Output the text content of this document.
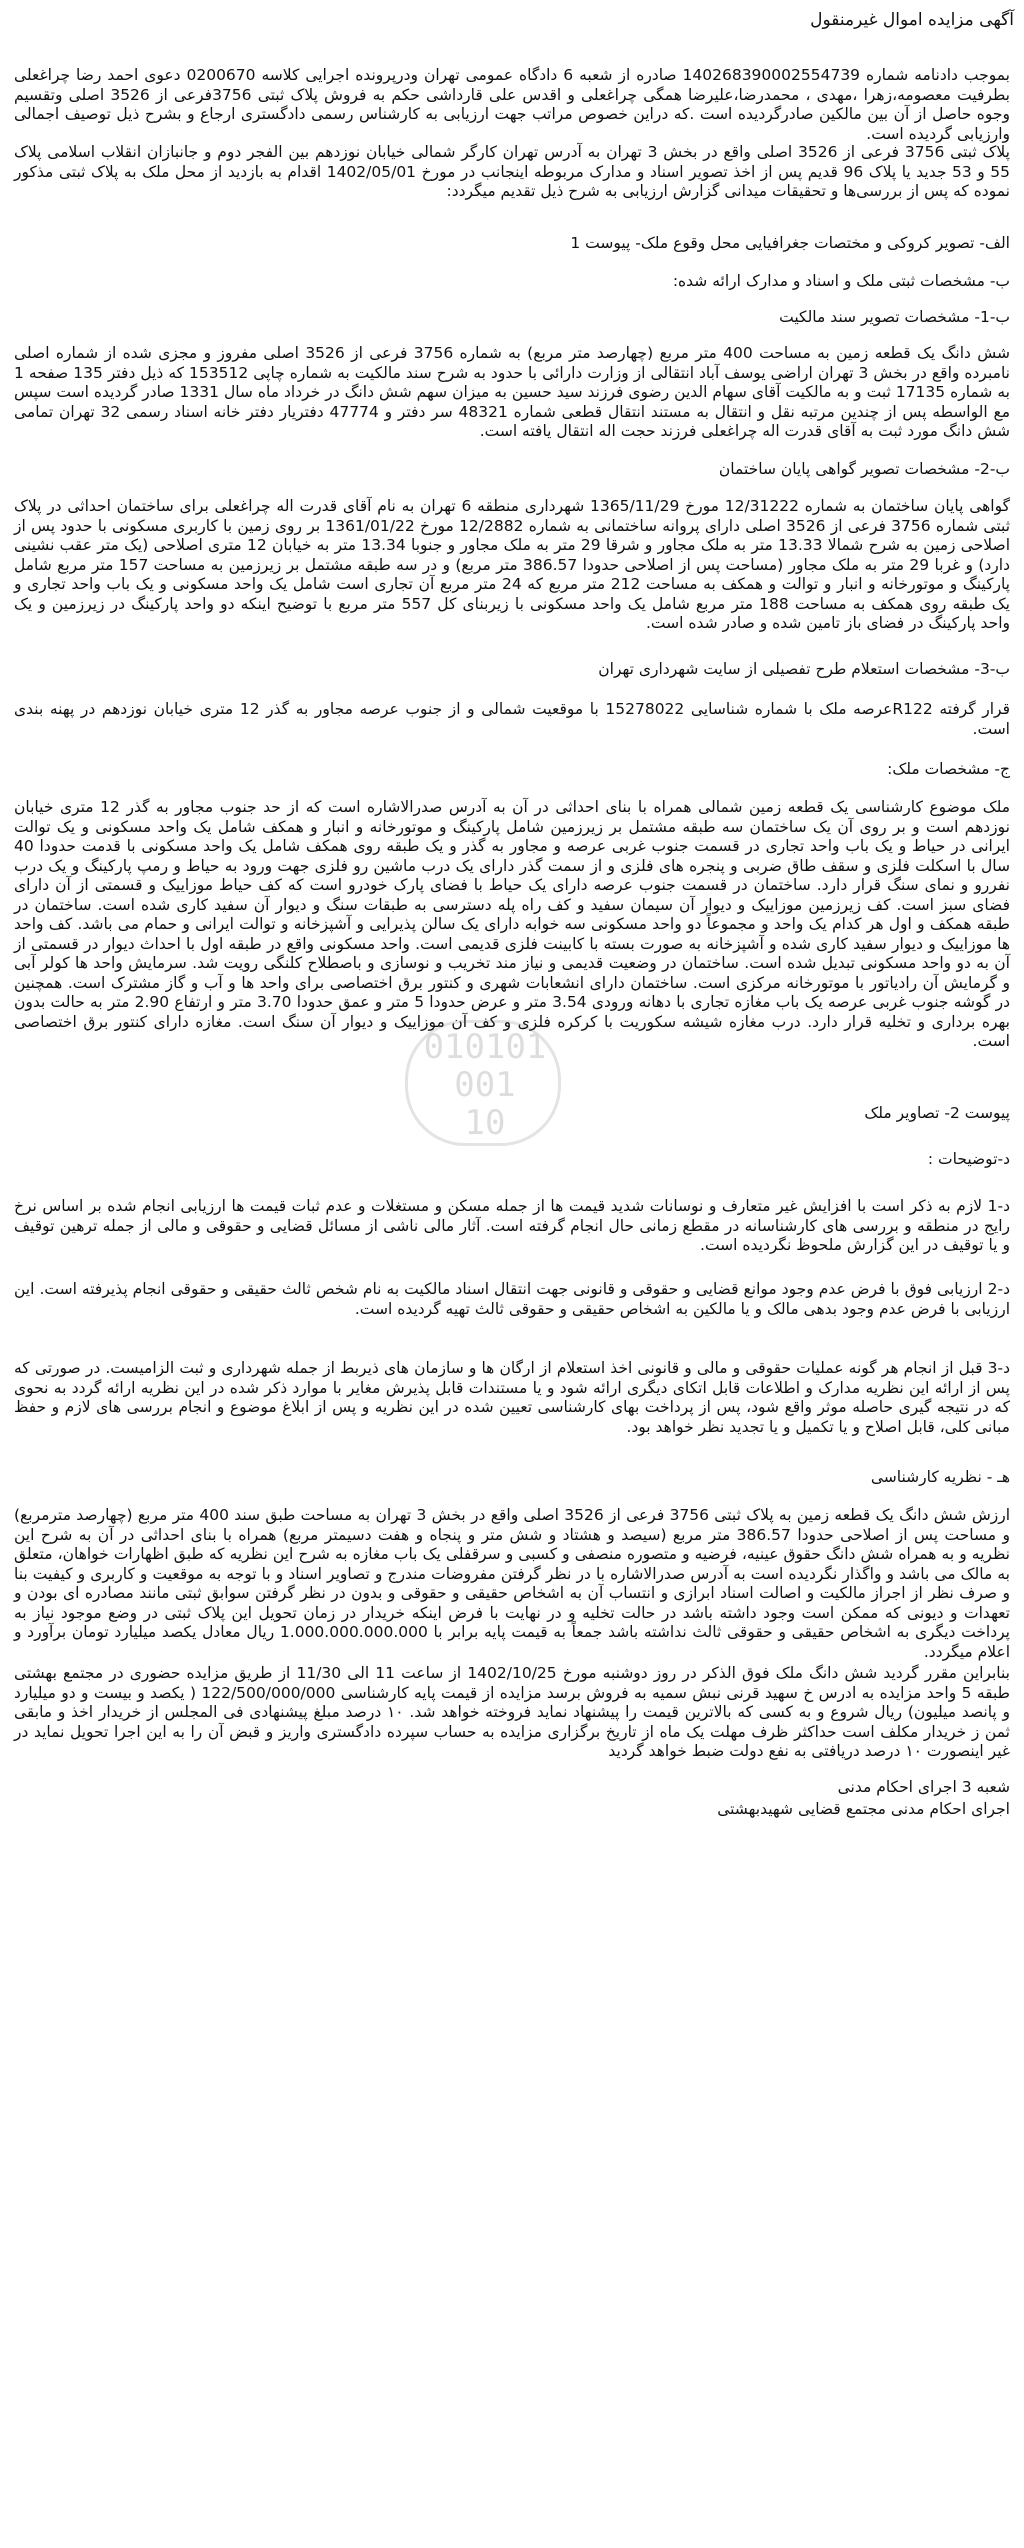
آگهی مزایده اموال غیرمنقول

بموجب دادنامه شماره 140268390002554739 صادره از شعبه 6 دادگاه عمومی تهران ودرپرونده اجرایی کلاسه 0200670 دعوی احمد رضا چراغعلی بطرفیت معصومه،زهرا ،مهدی ، محمدرضا،علیرضا همگی چراغعلی و اقدس علی قارداشی حکم به فروش پلاک ثبتی 3756فرعی از 3526 اصلی وتقسیم وجوه حاصل از آن بین مالکین صادرگردیده است .که دراین خصوص مراتب جهت ارزیابی به کارشناس رسمی دادگستری ارجاع و بشرح ذیل توصیف اجمالی وارزیابی گردیده است.

پلاک ثبتی 3756 فرعی از 3526 اصلی واقع در بخش 3 تهران به آدرس تهران کارگر شمالی خیابان نوزدهم بین الفجر دوم و جانبازان انقلاب اسلامی پلاک 55 و 53 جدید یا پلاک 96 قدیم پس از اخذ تصویر اسناد و مدارک مربوطه اینجانب در مورخ 1402/05/01 اقدام به بازدید از محل ملک به پلاک ثبتی مذکور نموده که پس از بررسی‌ها و تحقیقات میدانی گزارش ارزیابی به شرح ذیل تقدیم میگردد:

الف- تصویر کروکی و مختصات جغرافیایی محل وقوع ملک- پیوست 1

ب- مشخصات ثبتی ملک و اسناد و مدارک ارائه شده:

ب-1- مشخصات تصویر سند مالکیت

شش دانگ یک قطعه زمین به مساحت 400 متر مربع (چهارصد متر مربع) به شماره 3756 فرعی از 3526 اصلی مفروز و مجزی شده از شماره اصلی نامبرده واقع در بخش 3 تهران اراضی یوسف آباد انتقالی از وزارت دارائی با حدود به شرح سند مالکیت به شماره چاپی 153512 که ذیل دفتر 135 صفحه 1 به شماره 17135 ثبت و به مالکیت آقای سهام الدین رضوی فرزند سید حسین به میزان سهم شش دانگ در خرداد ماه سال 1331 صادر گردیده است سپس مع الواسطه پس از چندین مرتبه نقل و انتقال به مستند انتقال قطعی شماره 48321 سر دفتر و 47774 دفتریار دفتر خانه اسناد رسمی 32 تهران تمامی شش دانگ مورد ثبت به آقای قدرت اله چراغعلی فرزند حجت اله انتقال یافته است.

ب-2- مشخصات تصویر گواهی پایان ساختمان

گواهی پایان ساختمان به شماره 12/31222 مورخ 1365/11/29 شهرداری منطقه 6 تهران به نام آقای قدرت اله چراغعلی برای ساختمان احداثی در پلاک ثبتی شماره 3756 فرعی از 3526 اصلی دارای پروانه ساختمانی به شماره 12/2882 مورخ 1361/01/22 بر روی زمین با کاربری مسکونی با حدود پس از اصلاحی زمین به شرح شمالا 13.33 متر به ملک مجاور و شرقا 29 متر به ملک مجاور و جنوبا 13.34 متر به خیابان 12 متری اصلاحی (یک متر عقب نشینی دارد) و غربا 29 متر به ملک مجاور (مساحت پس از اصلاحی حدودا 386.57 متر مربع) و در سه طبقه مشتمل بر زیرزمین به مساحت 157 متر مربع شامل پارکینگ و موتورخانه و انبار و توالت و همکف به مساحت 212 متر مربع که 24 متر مربع آن تجاری است شامل یک واحد مسکونی و یک باب واحد تجاری و یک طبقه روی همکف به مساحت 188 متر مربع شامل یک واحد مسکونی با زیربنای کل 557 متر مربع با توضیح اینکه دو واحد پارکینگ در زیرزمین و یک واحد پارکینگ در فضای باز تامین شده و صادر شده است.

ب-3- مشخصات استعلام طرح تفصیلی از سایت شهرداری تهران

قرار گرفته R122عرصه ملک با شماره شناسایی 15278022 با موقعیت شمالی و از جنوب عرصه مجاور به گذر 12 متری خیابان نوزدهم در پهنه بندی است.

ج- مشخصات ملک:

ملک موضوع کارشناسی یک قطعه زمین شمالی همراه با بنای احداثی در آن به آدرس صدرالاشاره است که از حد جنوب مجاور به گذر 12 متری خیابان نوزدهم است و بر روی آن یک ساختمان سه طبقه مشتمل بر زیرزمین شامل پارکینگ و موتورخانه و انبار و همکف شامل یک واحد مسکونی و یک توالت ایرانی در حیاط و یک باب واحد تجاری در قسمت جنوب غربی عرصه و مجاور به گذر و یک طبقه روی همکف شامل یک واحد مسکونی با قدمت حدودا 40 سال با اسکلت فلزی و سقف طاق ضربی و پنجره های فلزی و از سمت گذر دارای یک درب ماشین رو فلزی جهت ورود به حیاط و رمپ پارکینگ و یک درب نفررو و نمای سنگ قرار دارد. ساختمان در قسمت جنوب عرصه دارای یک حیاط با فضای پارک خودرو است که کف حیاط موزاییک و قسمتی از آن دارای فضای سبز است. کف زیرزمین موزاییک و دیوار آن سیمان سفید و کف راه پله دسترسی به طبقات سنگ و دیوار آن سفید کاری شده است. ساختمان در طبقه همکف و اول هر کدام یک واحد و مجموعاً دو واحد مسکونی سه خوابه دارای یک سالن پذیرایی و آشپزخانه و توالت ایرانی و حمام می باشد. کف واحد ها موزاییک و دیوار سفید کاری شده و آشپزخانه به صورت بسته با کابینت فلزی قدیمی است. واحد مسکونی واقع در طبقه اول با احداث دیوار در قسمتی از آن به دو واحد مسکونی تبدیل شده است. ساختمان در وضعیت قدیمی و نیاز مند تخریب و نوسازی و باصطلاح کلنگی رویت شد. سرمایش واحد ها کولر آبی و گرمایش آن رادیاتور با موتورخانه مرکزی است. ساختمان دارای انشعابات شهری و کنتور برق اختصاصی برای واحد ها و آب و گاز مشترک است. همچنین در گوشه جنوب غربی عرصه یک باب مغازه تجاری با دهانه ورودی 3.54 متر و عرض حدودا 5 متر و عمق حدودا 3.70 متر و ارتفاع 2.90 متر به حالت بدون بهره برداری و تخلیه قرار دارد. درب مغازه شیشه سکوریت با کرکره فلزی و کف آن موزاییک و دیوار آن سنگ است. مغازه دارای کنتور برق اختصاصی است.

پیوست 2- تصاویر ملک

د-توضیحات :

د-1 لازم به ذکر است با افزایش غیر متعارف و نوسانات شدید قیمت ها از جمله مسکن و مستغلات و عدم ثبات قیمت ها ارزیابی انجام شده بر اساس نرخ رایج در منطقه و بررسی های کارشناسانه در مقطع زمانی حال انجام گرفته است. آثار مالی ناشی از مسائل قضایی و حقوقی و مالی از جمله ترهین توقیف و یا توقیف در این گزارش ملحوظ نگردیده است.

د-2 ارزیابی فوق با فرض عدم وجود موانع قضایی و حقوقی و قانونی جهت انتقال اسناد مالکیت به نام شخص ثالث حقیقی و حقوقی انجام پذیرفته است. این ارزیابی با فرض عدم وجود بدهی مالک و یا مالکین به اشخاص حقیقی و حقوقی ثالث تهیه گردیده است.

د-3 قبل از انجام هر گونه عملیات حقوقی و مالی و قانونی اخذ استعلام از ارگان ها و سازمان های ذیربط از جمله شهرداری و ثبت الزامیست. در صورتی که پس از ارائه این نظریه مدارک و اطلاعات قابل اتکای دیگری ارائه شود و یا مستندات قابل پذیرش مغایر با موارد ذکر شده در این نظریه ارائه گردد به نحوی که در نتیجه گیری حاصله موثر واقع شود، پس از پرداخت بهای کارشناسی تعیین شده در این نظریه و پس از ابلاغ موضوع و انجام بررسی های لازم و حفظ مبانی کلی، قابل اصلاح و یا تکمیل و یا تجدید نظر خواهد بود.

هـ - نظریه کارشناسی

ارزش شش دانگ یک قطعه زمین به پلاک ثبتی 3756 فرعی از 3526 اصلی واقع در بخش 3 تهران به مساحت طبق سند 400 متر مربع (چهارصد مترمربع) و مساحت پس از اصلاحی حدودا 386.57 متر مربع (سیصد و هشتاد و شش متر و پنجاه و هفت دسیمتر مربع) همراه با بنای احداثی در آن به شرح این نظریه و به همراه شش دانگ حقوق عینیه، فرضیه و متصوره منصفی و کسبی و سرقفلی یک باب مغازه به شرح این نظریه که طبق اظهارات خواهان، متعلق به مالک می باشد و واگذار نگردیده است به آدرس صدرالاشاره با در نظر گرفتن مفروضات مندرج و تصاویر اسناد و با توجه به موقعیت و کاربری و کیفیت بنا و صرف نظر از اجراز مالکیت و اصالت اسناد ابرازی و انتساب آن به اشخاص حقیقی و حقوقی و بدون در نظر گرفتن سوابق ثبتی مانند مصادره ای بودن و تعهدات و دیونی که ممکن است وجود داشته باشد در حالت تخلیه و در نهایت با فرض اینکه خریدار در زمان تحویل این پلاک ثبتی در وضع موجود نیاز به پرداخت دیگری به اشخاص حقیقی و حقوقی ثالث نداشته باشد جمعاً به قیمت پایه برابر با 1.000.000.000.000 ریال معادل یکصد میلیارد تومان برآورد و اعلام میگردد.

بنابراین مقرر گردید شش دانگ ملک فوق الذکر در روز دوشنبه مورخ 1402/10/25 از ساعت 11 الی 11/30 از طریق مزایده حضوری در مجتمع بهشتی طبقه 5 واحد مزایده به ادرس خ سهید قرنی نبش سمیه به فروش برسد مزایده از قیمت پایه کارشناسی 122/500/000/000 ( یکصد و بیست و دو میلیارد و پانصد میلیون) ریال شروع و به کسی که بالاترین قیمت را پیشنهاد نماید فروخته خواهد شد. ۱۰ درصد مبلغ پیشنهادی فی المجلس از خریدار اخذ و مابقی ثمن ز خریدار مکلف است حداکثر ظرف مهلت یک ماه از تاریخ برگزاری مزایده به حساب سپرده دادگستری واریز و قبض آن را به این اجرا تحویل نماید در غیر اینصورت ۱۰ درصد دریافتی به نفع دولت ضبط خواهد گردید

شعبه 3 اجرای احکام مدنی

اجرای احکام مدنی مجتمع قضایی شهیدبهشتی

010101
001
10
